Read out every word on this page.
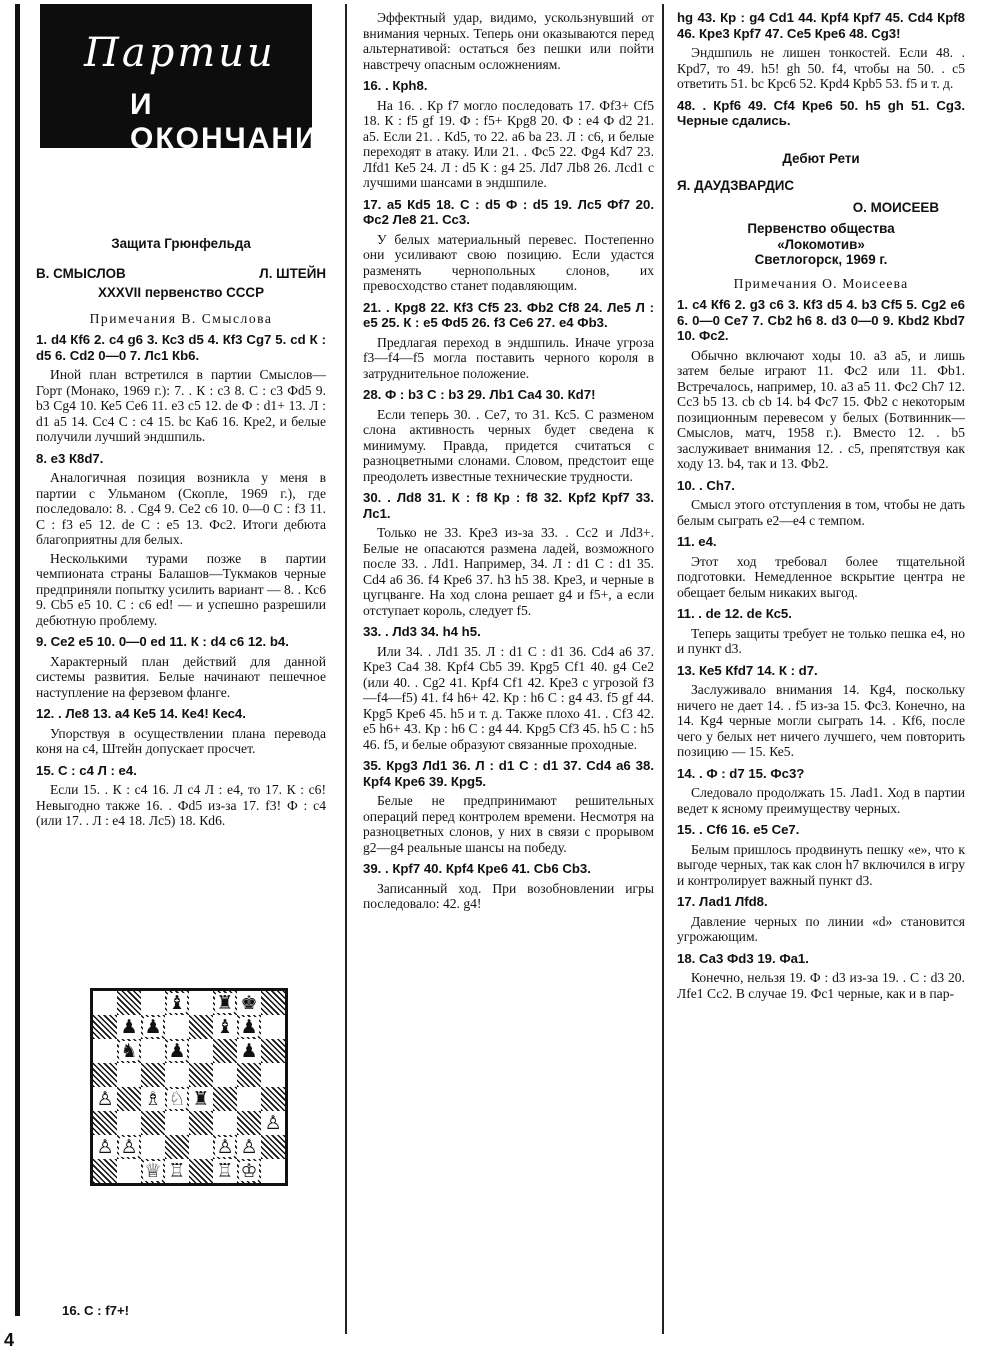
Партии
И ОКОНЧАНИЯ
Защита Грюнфельда
В. СМЫСЛОВ	Л. ШТЕЙН
XXXVII первенство СССР
Примечания В. Смыслова
1. d4 Кf6 2. с4 g6 3. Кс3 d5 4. Кf3 Сg7 5. cd К : d5 6. Сd2 0—0 7. Лс1 Кb6.
Иной план встретился в партии Смыслов—Горт (Монако, 1969 г.): 7. . К : с3 8. С : с3 Фd5 9. b3 Сg4 10. Ке5 Се6 11. е3 с5 12. de Ф : d1+ 13. Л : d1 а5 14. Сс4 С : с4 15. bc Ка6 16. Кре2, и белые получили лучший эндшпиль.
8. е3 К8d7.
Аналогичная позиция возникла у меня в партии с Ульманом (Скопле, 1969 г.), где последовало: 8. . Сg4 9. Се2 с6 10. 0—0 С : f3 11. С : f3 е5 12. de С : е5 13. Фс2. Итоги дебюта благоприятны для белых.
Несколькими турами позже в партии чемпионата страны Балашов—Тукмаков черные предприняли попытку усилить вариант — 8. . Кс6 9. Сb5 е5 10. С : с6 еd! — и успешно разрешили дебютную проблему.
9. Се2 е5 10. 0—0 еd 11. К : d4 с6 12. b4.
Характерный план действий для данной системы развития. Белые начинают пешечное наступление на ферзевом фланге.
12. . Ле8 13. а4 Ке5 14. Ке4! Кес4.
Упорствуя в осуществлении плана перевода коня на с4, Штейн допускает просчет.
15. С : с4 Л : е4.
Если 15. . К : с4 16. Л с4 Л : е4, то 17. К : с6! Невыгодно также 16. . Фd5 из-за 17. f3! Ф : с4 (или 17. . Л : е4 18. Лс5) 18. Кd6.
♝ ♜ ♚
♟ ♟	♝ ♟
♞ ♟	♟
♙ ♗ ♘ ♜
♙
♙ ♙	♙ ♙
♕ ♖ ♖ ♔
16. С : f7+!
Эффектный удар, видимо, ускользнувший от внимания черных. Теперь они оказываются перед альтернативой: остаться без пешки или пойти навстречу опасным осложнениям.
16. . Крh8.
На 16. . Кр f7 могло последовать 17. Фf3+ Сf5 18. К : f5 gf 19. Ф : f5+ Крg8 20. Ф : е4 Ф d2 21. а5. Если 21. . Кd5, то 22. а6 bа 23. Л : с6, и белые переходят в атаку. Или 21. . Фс5 22. Фg4 Кd7 23. Лfd1 Ке5 24. Л : d5 К : g4 25. Лd7 Лb8 26. Лсd1 с лучшими шансами в эндшпиле.
17. а5 Кd5 18. С : d5 Ф : d5 19. Лс5 Фf7 20. Фс2 Ле8 21. Сс3.
У белых материальный перевес. Постепенно они усиливают свою позицию. Если удастся разменять чернопольных слонов, их превосходство станет подавляющим.
21. . Крg8 22. Кf3 Сf5 23. Фb2 Сf8 24. Ле5 Л : е5 25. К : е5 Фd5 26. f3 Се6 27. е4 Фb3.
Предлагая переход в эндшпиль. Иначе угроза f3—f4—f5 могла поставить черного короля в затруднительное положение.
28. Ф : b3 С : b3 29. Лb1 Са4 30. Кd7!
Если теперь 30. . Се7, то 31. Кс5. С разменом слона активность черных будет сведена к минимуму. Правда, придется считаться с разноцветными слонами. Словом, предстоит еще преодолеть известные технические трудности.
30. . Лd8 31. К : f8 Кр : f8 32. Крf2 Крf7 33. Лс1.
Только не 33. Кре3 из-за 33. . Сс2 и Лd3+. Белые не опасаются размена ладей, возможного после 33. . Лd1. Например, 34. Л : d1 С : d1 35. Сd4 а6 36. f4 Кре6 37. h3 h5 38. Кре3, и черные в цугцванге. На ход слона решает g4 и f5+, а если отступает король, следует f5.
33. . Лd3 34. h4 h5.
Или 34. . Лd1 35. Л : d1 С : d1 36. Сd4 а6 37. Кре3 Са4 38. Крf4 Сb5 39. Крg5 Сf1 40. g4 Се2 (или 40. . Сg2 41. Крf4 Сf1 42. Кре3 с угрозой f3—f4—f5) 41. f4 h6+ 42. Кр : h6 С : g4 43. f5 gf 44. Крg5 Кре6 45. h5 и т. д. Также плохо 41. . Сf3 42. е5 h6+ 43. Кр : h6 С : g4 44. Крg5 Сf3 45. h5 С : h5 46. f5, и белые образуют связанные проходные.
35. Крg3 Лd1 36. Л : d1 С : d1 37. Сd4 а6 38. Крf4 Кре6 39. Крg5.
Белые не предпринимают решительных операций перед контролем времени. Несмотря на разноцветных слонов, у них в связи с прорывом g2—g4 реальные шансы на победу.
39. . Крf7 40. Крf4 Кре6 41. Сb6 Сb3.
Записанный ход. При возобновлении игры последовало: 42. g4!
hg 43. Кр : g4 Сd1 44. Крf4 Крf7 45. Сd4 Крf8 46. Кре3 Крf7 47. Се5 Кре6 48. Сg3!
Эндшпиль не лишен тонкостей. Если 48. . Крd7, то 49. h5! gh 50. f4, чтобы на 50. . с5 ответить 51. bс Крс6 52. Крd4 Крb5 53. f5 и т. д.
48. . Крf6 49. Сf4 Кре6 50. h5 gh 51. Сg3. Черные сдались.
Дебют Рети
Я. ДАУДЗВАРДИС
О. МОИСЕЕВ
Первенство общества
«Локомотив»
Светлогорск, 1969 г.
Примечания О. Моисеева
1. с4 Кf6 2. g3 с6 3. Кf3 d5 4. b3 Сf5 5. Сg2 е6 6. 0—0 Се7 7. Сb2 h6 8. d3 0—0 9. Кbd2 Кbd7 10. Фс2.
Обычно включают ходы 10. а3 а5, и лишь затем белые играют 11. Фс2 или 11. Фb1. Встречалось, например, 10. а3 а5 11. Фс2 Сh7 12. Сс3 b5 13. сb сb 14. b4 Фс7 15. Фb2 с некоторым позиционным перевесом у белых (Ботвинник—Смыслов, матч, 1958 г.). Вместо 12. . b5 заслуживает внимания 12. . с5, препятствуя как ходу 13. b4, так и 13. Фb2.
10. . Сh7.
Смысл этого отступления в том, чтобы не дать белым сыграть е2—е4 с темпом.
11. е4.
Этот ход требовал более тщательной подготовки. Немедленное вскрытие центра не обещает белым никаких выгод.
11. . de 12. de Кс5.
Теперь защиты требует не только пешка е4, но и пункт d3.
13. Ке5 Кfd7 14. К : d7.
Заслуживало внимания 14. Кg4, поскольку ничего не дает 14. . f5 из-за 15. Фс3. Конечно, на 14. Кg4 черные могли сыграть 14. . Кf6, после чего у белых нет ничего лучшего, чем повторить позицию — 15. Ке5.
14. . Ф : d7 15. Фс3?
Следовало продолжать 15. Лаd1. Ход в партии ведет к ясному преимуществу черных.
15. . Сf6 16. е5 Се7.
Белым пришлось продвинуть пешку «е», что к выгоде черных, так как слон h7 включился в игру и контролирует важный пункт d3.
17. Лаd1 Лfd8.
Давление черных по линии «d» становится угрожающим.
18. Са3 Фd3 19. Фа1.
Конечно, нельзя 19. Ф : d3 из-за 19. . С : d3 20. Лfе1 Сс2. В случае 19. Фс1 черные, как и в пар-
4
